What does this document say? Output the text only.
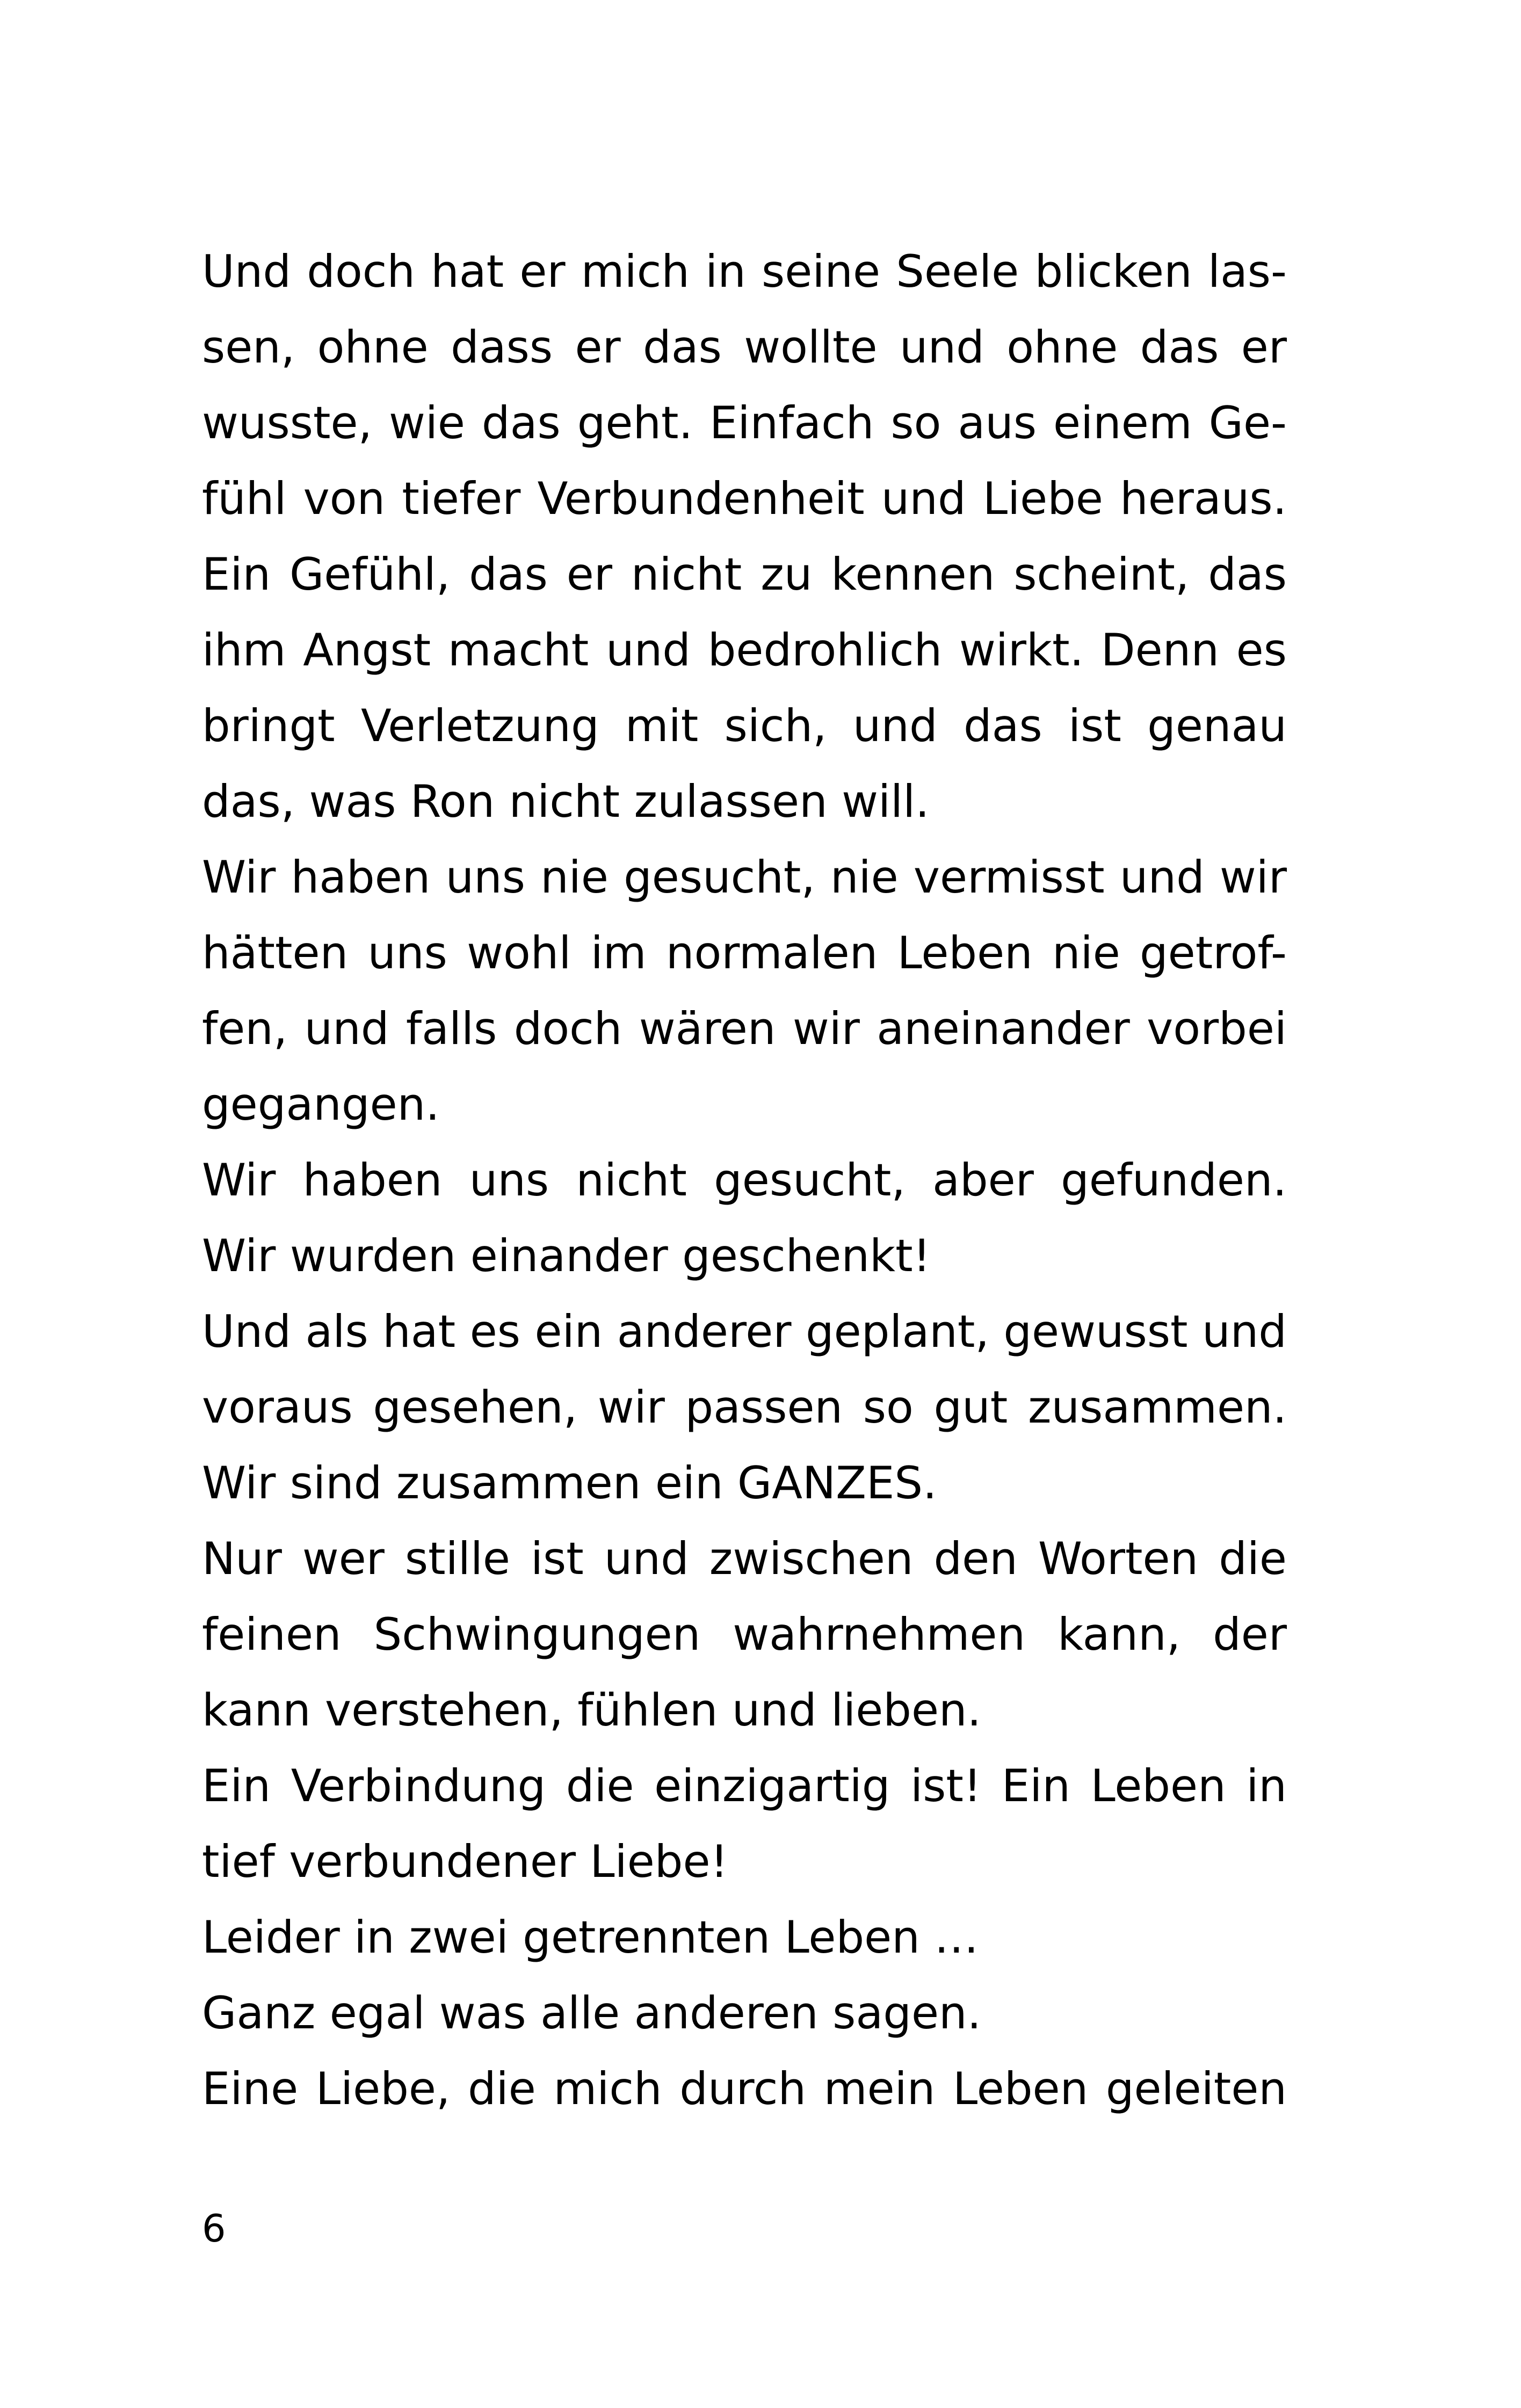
Und doch hat er mich in seine Seele blicken las-
sen, ohne dass er das wollte und ohne das er
wusste, wie das geht. Einfach so aus einem Ge-
fühl von tiefer Verbundenheit und Liebe heraus.
Ein Gefühl, das er nicht zu kennen scheint, das
ihm Angst macht und bedrohlich wirkt. Denn es
bringt Verletzung mit sich, und das ist genau
das, was Ron nicht zulassen will.
Wir haben uns nie gesucht, nie vermisst und wir
hätten uns wohl im normalen Leben nie getrof-
fen, und falls doch wären wir aneinander vorbei
gegangen.
Wir haben uns nicht gesucht, aber gefunden.
Wir wurden einander geschenkt!
Und als hat es ein anderer geplant, gewusst und
voraus gesehen, wir passen so gut zusammen.
Wir sind zusammen ein GANZES.
Nur wer stille ist und zwischen den Worten die
feinen Schwingungen wahrnehmen kann, der
kann verstehen, fühlen und lieben.
Ein Verbindung die einzigartig ist! Ein Leben in
tief verbundener Liebe!
Leider in zwei getrennten Leben …
Ganz egal was alle anderen sagen.
Eine Liebe, die mich durch mein Leben geleiten
6
